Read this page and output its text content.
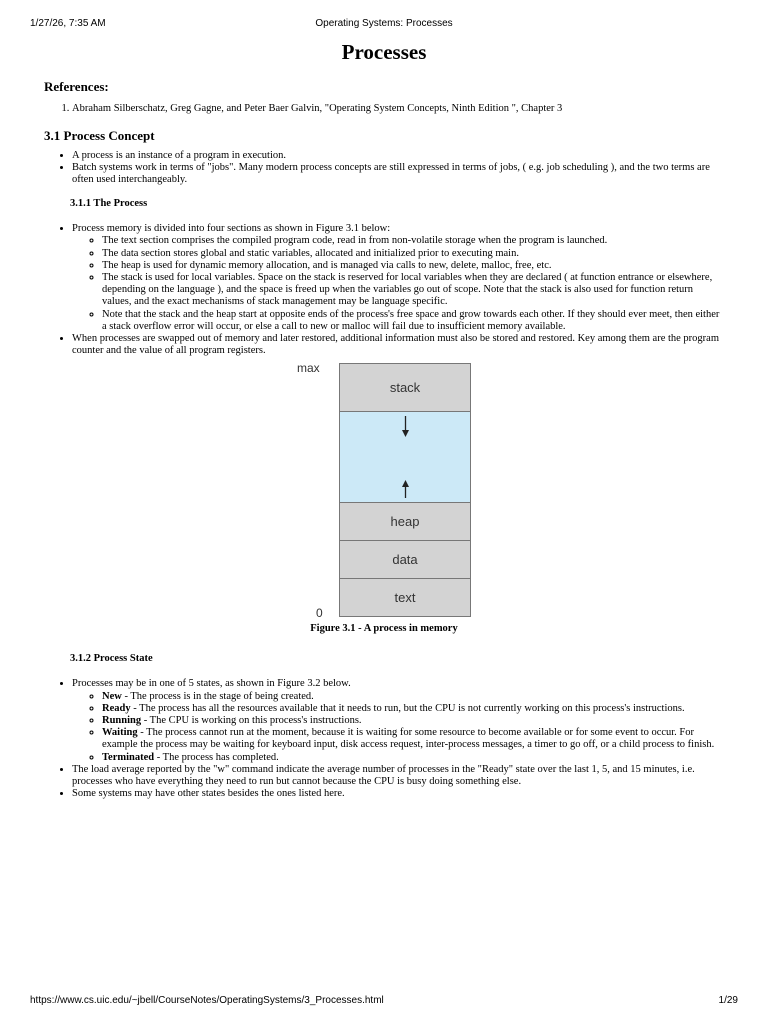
1/27/26, 7:35 AM	Operating Systems: Processes
Processes
References:
1. Abraham Silberschatz, Greg Gagne, and Peter Baer Galvin, "Operating System Concepts, Ninth Edition ", Chapter 3
3.1 Process Concept
• A process is an instance of a program in execution.
• Batch systems work in terms of "jobs". Many modern process concepts are still expressed in terms of jobs, ( e.g. job scheduling ), and the two terms are often used interchangeably.
3.1.1 The Process
• Process memory is divided into four sections as shown in Figure 3.1 below:
◦ The text section comprises the compiled program code, read in from non-volatile storage when the program is launched.
◦ The data section stores global and static variables, allocated and initialized prior to executing main.
◦ The heap is used for dynamic memory allocation, and is managed via calls to new, delete, malloc, free, etc.
◦ The stack is used for local variables. Space on the stack is reserved for local variables when they are declared ( at function entrance or elsewhere, depending on the language ), and the space is freed up when the variables go out of scope. Note that the stack is also used for function return values, and the exact mechanisms of stack management may be language specific.
◦ Note that the stack and the heap start at opposite ends of the process's free space and grow towards each other. If they should ever meet, then either a stack overflow error will occur, or else a call to new or malloc will fail due to insufficient memory available.
• When processes are swapped out of memory and later restored, additional information must also be stored and restored. Key among them are the program counter and the value of all program registers.
max
0
stack
heap
data
text
Figure 3.1 - A process in memory
3.1.2 Process State
• Processes may be in one of 5 states, as shown in Figure 3.2 below.
◦ New - The process is in the stage of being created.
◦ Ready - The process has all the resources available that it needs to run, but the CPU is not currently working on this process's instructions.
◦ Running - The CPU is working on this process's instructions.
◦ Waiting - The process cannot run at the moment, because it is waiting for some resource to become available or for some event to occur. For example the process may be waiting for keyboard input, disk access request, inter-process messages, a timer to go off, or a child process to finish.
◦ Terminated - The process has completed.
• The load average reported by the "w" command indicate the average number of processes in the "Ready" state over the last 1, 5, and 15 minutes, i.e. processes who have everything they need to run but cannot because the CPU is busy doing something else.
• Some systems may have other states besides the ones listed here.
https://www.cs.uic.edu/~jbell/CourseNotes/OperatingSystems/3_Processes.html	1/29
